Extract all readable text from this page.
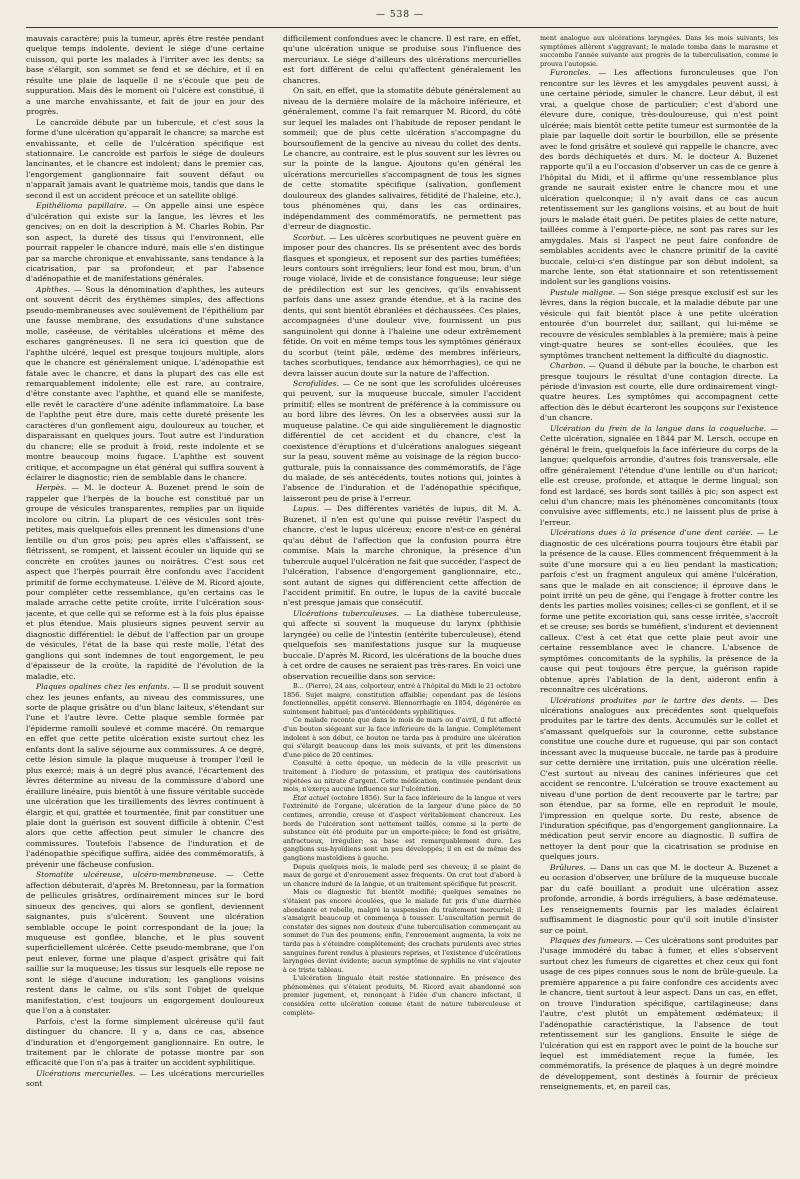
— 538 —

mauvais caractère; puis la tumeur, après être restée pendant quelque temps indolente, devient le siége d'une certaine cuisson, qui porte les malades à l'irriter avec les dents; sa base s'élargit, son sommet se fend et se déchire, et il en résulte une plaie de laquelle il ne s'écoule que peu de suppuration. Mais dès le moment où l'ulcère est constitué, il a une marche envahissante, et fait de jour en jour des progrès.

Le cancroïde débute par un tubercule, et c'est sous la forme d'une ulcération qu'apparaît le chancre; sa marche est envahissante, et celle de l'ulcération spécifique est stationnaire. Le cancroïde est parfois le siége de douleurs lancinantes, et le chancre est indolent; dans le premier cas, l'engorgement ganglionnaire fait souvent défaut ou n'apparaît jamais avant le quatrième mois, tandis que dans le second il est un accident précoce et un satellite obligé.

Epithélioma papillaire. — On appelle ainsi une espèce d'ulcération qui existe sur la langue, les lèvres et les gencives; on en doit la description à M. Charles Robin. Par son aspect, la dureté des tissus qui l'environnent, elle pourrait rappeler le chancre induré, mais elle s'en distingue par sa marche chronique et envahissante, sans tendance à la cicatrisation, par sa profondeur, et par l'absence d'adénopathie et de manifestations générales.

Aphthes. — Sous la dénomination d'aphthes, les auteurs ont souvent décrit des érythèmes simples, des affections pseudo-membraneuses avec soulèvement de l'épithélium par une fausse membrane, des exsudations d'une substance molle, caséeuse, de véritables ulcérations et même des eschares gangréneuses. Il ne sera ici question que de l'aphthe ulcéré, lequel est presque toujours multiple, alors que le chancre est généralement unique. L'adénopathie est fatale avec le chancre, et dans la plupart des cas elle est remarquablement indolente; elle est rare, au contraire, d'être constante avec l'aphthe, et quand elle se manifeste, elle revêt le caractère d'une adénite inflammatoire. La base de l'aphthe peut être dure, mais cette dureté présente les caractères d'un gonflement aigu, douloureux au toucher, et disparaissant en quelques jours. Tout autre est l'induration du chancre; elle se produit à froid, reste indolente et se montre beaucoup moins fugace. L'aphthe est souvent critique, et accompagne un état général qui suffira souvent à éclairer le diagnostic; rien de semblable dans le chancre.

Herpès. — M. le docteur A. Buzenet prend le soin de rappeler que l'herpès de la bouche est constitué par un groupe de vésicules transparentes, remplies par un liquide incolore ou citrin. La plupart de ces vésicules sont très-petites, mais quelquefois elles prennent les dimensions d'une lentille ou d'un gros pois; peu après elles s'affaissent, se flétrissent, se rompent, et laissent écouler un liquide qui se concrète en croûtes jaunes ou noirâtres. C'est sous cet aspect que l'herpès pourrait être confondu avec l'accident primitif de forme ecchymateuse. L'élève de M. Ricord ajoute, pour compléter cette ressemblance, qu'en certains cas le malade arrache cette petite croûte, irrite l'ulcération sous-jacente, et que celle qui se reforme est à la fois plus épaisse et plus étendue. Mais plusieurs signes peuvent servir au diagnostic différentiel: le début de l'affection par un groupe de vésicules, l'état de la base qui reste molle, l'état des ganglions qui sont indemnes de tout engorgement, le peu d'épaisseur de la croûte, la rapidité de l'évolution de la maladie, etc.

Plaques opalines chez les enfants. — Il se produit souvent chez les jeunes enfants, au niveau des commissures, une sorte de plaque grisâtre ou d'un blanc laiteux, s'étendant sur l'une et l'autre lèvre. Cette plaque semble formée par l'épiderme ramolli soulevé et comme macéré. On remarque en effet que cette petite ulcération existe surtout chez les enfants dont la salive séjourne aux commissures. A ce degré, cette lésion simule la plaque muqueuse à tromper l'œil le plus exercé; mais à un degré plus avancé, l'écartement des lèvres détermine au niveau de la commissure d'abord une éraillure linéaire, puis bientôt à une fissure véritable succède une ulcération que les tiraillements des lèvres continuent à élargir, et qui, grattée et tourmentée, finit par constituer une plaie dont la guérison est souvent difficile à obtenir. C'est alors que cette affection peut simuler le chancre des commissures. Toutefois l'absence de l'induration et de l'adénopathie spécifique suffira, aidée des commémoratifs, à prévenir une fâcheuse confusion.

Stomatite ulcéreuse, ulcéro-membraneuse. — Cette affection débuterait, d'après M. Bretonneau, par la formation de pellicules grisâtres, ordinairement minces sur le bord sinueux des gencives, qui alors se gonflent, deviennent saignantes, puis s'ulcèrent. Souvent une ulcération semblable occupe le point correspondant de la joue; la muqueuse est gonflée, blanche, et le plus souvent superficiellement ulcérée. Cette pseudo-membrane, que l'on peut enlever, forme une plaque d'aspect grisâtre qui fait saillie sur la muqueuse; les tissus sur lesquels elle repose ne sont le siége d'aucune induration; les ganglions voisins restent dans le calme, ou s'ils sont l'objet de quelque manifestation, c'est toujours un engorgement douloureux que l'on a à constater.

Parfois, c'est la forme simplement ulcéreuse qu'il faut distinguer du chancre. Il y a, dans ce cas, absence d'induration et d'engorgement ganglionnaire. En outre, le traitement par le chlorate de potasse montre par son efficacité que l'on n'a pas à traiter un accident syphilitique.

Ulcérations mercurielles. — Les ulcérations mercurielles sont

difficilement confondues avec le chancre. Il est rare, en effet, qu'une ulcération unique se produise sous l'influence des mercuriaux. Le siége d'ailleurs des ulcérations mercurielles est fort différent de celui qu'affectent généralement les chancres.

On sait, en effet, que la stomatite débute généralement au niveau de la dernière molaire de la mâchoire inférieure, et généralement, comme l'a fait remarquer M. Ricord, du côté sur lequel les malades ont l'habitude de reposer pendant le sommeil; que de plus cette ulcération s'accompagne du boursouflement de la gencive au niveau du collet des dents. Le chancre, au contraire, est le plus souvent sur les lèvres ou sur la pointe de la langue. Ajoutons qu'en général les ulcérations mercurielles s'accompagnent de tous les signes de cette stomatite spécifique (salivation, gonflement douloureux des glandes salivaires, fétidité de l'haleine, etc.), tous phénomènes qui, dans les cas ordinaires, indépendamment des commémoratifs, ne permettent pas d'erreur de diagnostic.

Scorbut. — Les ulcères scorbutiques ne peuvent guère en imposer pour des chancres. Ils se présentent avec des bords flasques et spongieux, et reposent sur des parties tuméfiées; leurs contours sont irréguliers; leur fond est mou, brun, d'un rouge violacé, livide et de consistance fongueuse; leur siége de prédilection est sur les gencives, qu'ils envahissent parfois dans une assez grande étendue, et à la racine des dents, qui sont bientôt ébranlées et déchaussées. Ces plaies, accompagnées d'une douleur vive, fournissent un pus sanguinolent qui donne à l'haleine une odeur extrêmement fétide. On voit en même temps tous les symptômes généraux du scorbut (teint pâle, œdème des membres inférieurs, taches scorbutiques, tendance aux hémorrhagies), ce qui ne devra laisser aucun doute sur la nature de l'affection.

Scrofulides. — Ce ne sont que les scrofulides ulcéreuses qui peuvent, sur la muqueuse buccale, simuler l'accident primitif; elles se montrent de préférence à la commissure ou au bord libre des lèvres. On les a observées aussi sur la muqueuse palatine. Ce qui aide singulièrement le diagnostic différentiel de cet accident et du chancre, c'est la coexistence d'éruptions et d'ulcérations analogues siégeant sur la peau, souvent même au voisinage de la région bucco-gutturale, puis la connaissance des commémoratifs, de l'âge du malade, de ses antécédents, toutes notions qui, jointes à l'absence de l'induration et de l'adénopathie spécifique, laisseront peu de prise à l'erreur.

Lupus. — Des différentes variétés de lupus, dit M. A. Buzenet, il n'en est qu'une qui puisse revêtir l'aspect du chancre, c'est le lupus ulcéreux; encore n'est-ce en général qu'au début de l'affection que la confusion pourra être commise. Mais la marche chronique, la présence d'un tubercule auquel l'ulcération ne fait que succéder, l'aspect de l'ulcération, l'absence d'engorgement ganglionnaire, etc., sont autant de signes qui différencient cette affection de l'accident primitif. En outre, le lupus de la cavité buccale n'est presque jamais que consécutif.

Ulcérations tuberculeuses. — La diathèse tuberculeuse, qui affecte si souvent la muqueuse du larynx (phthisie laryngée) ou celle de l'intestin (entérite tuberculeuse), étend quelquefois ses manifestations jusque sur la muqueuse buccale. D'après M. Ricord, les ulcérations de la bouche dues à cet ordre de causes ne seraient pas très-rares. En voici une observation recueillie dans son service:

B... (Pierre), 24 ans, colporteur, entré à l'hôpital du Midi le 21 octobre 1856. Sujet maigre, constitution affaiblie; cependant pas de lésions fonctionnelles, appétit conservé. Blennorrhagie en 1854, dégénérée en suintement habituel; pas d'antécédents syphilitiques.

Ce malade raconte que dans le mois de mars ou d'avril, il fut affecté d'un bouton siégeant sur la face inférieure de la langue. Complétement indolent à son début, ce bouton ne tarda pas à produire une ulcération qui s'élargit beaucoup dans les mois suivants, et prit les dimensions d'une pièce de 20 centimes.

Consulté à cette époque, un médecin de la ville prescrivit un traitement à l'iodure de potassium, et pratiqua des cautérisations répétées au nitrate d'argent. Cette médication, continuée pendant deux mois, n'exerça aucune influence sur l'ulcération.

État actuel (octobre 1856). Sur la face inférieure de la langue et vers l'extrémité de l'organe, ulcération de la largeur d'une pièce de 50 centimes, arrondie, creuse et d'aspect véritablement chancreux. Les bords de l'ulcération sont nettement taillés, comme si la perte de substance eût été produite par un emporte-pièce; le fond est grisâtre, anfractueux, irrégulier; sa base est remarquablement dure. Les ganglions sus-hyoïdiens sont un peu développés; il en est de même des ganglions mastoïdiens à gauche.

Depuis quelques mois, le malade perd ses cheveux; il se plaint de maux de gorge et d'enrouement assez fréquents. On crut tout d'abord à un chancre induré de la langue, et un traitement spécifique fut prescrit.

Mais ce diagnostic fut bientôt modifié; quelques semaines ne s'étaient pas encore écoulées, que le malade fut pris d'une diarrhée abondante et rebelle, malgré la suspension du traitement mercuriel; il s'amaigrit beaucoup et commença à tousser. L'auscultation permit de constater des signes non douteux d'une tuberculisation commençant au sommet de l'un des poumons; enfin, l'enrouement augmenta, la voix ne tarda pas à s'éteindre complétement; des crachats purulents avec stries sanguines furent rendus à plusieurs reprises, et l'existence d'ulcérations laryngées devint évidente; aucun symptôme de syphilis ne vint s'ajouter à ce triste tableau.

L'ulcération linguale était restée stationnaire. En présence des phénomènes qui s'étaient produits, M. Ricord avait abandonné son premier jugement, et, renonçant à l'idée d'un chancre infectant, il considéra cette ulcération comme étant de nature tuberculeuse et complète-

ment analogue aux ulcérations laryngées. Dans les mois suivants, les symptômes allèrent s'aggravant; le malade tomba dans le marasme et succomba l'année suivante aux progrès de la tuberculisation, comme le prouva l'autopsie.

Furoncles. — Les affections furonculeuses que l'on rencontre sur les lèvres et les amygdales peuvent aussi, à une certaine période, simuler le chancre. Leur début, il est vrai, a quelque chose de particulier; c'est d'abord une élevure dure, conique, très-douloureuse, qui n'est point ulcérée; mais bientôt cette petite tumeur est surmontée de la plaie par laquelle doit sortir le bourbillon, elle se présente avec le fond grisâtre et soulevé qui rappelle le chancre, avec des bords déchiquetés et durs. M. le docteur A. Buzenet rapporte qu'il a eu l'occasion d'observer un cas de ce genre à l'hôpital du Midi, et il affirme qu'une ressemblance plus grande ne saurait exister entre le chancre mou et une ulcération quelconque; il n'y avait dans ce cas aucun retentissement sur les ganglions voisins, et au bout de huit jours le malade était guéri. De petites plaies de cette nature, taillées comme à l'emporte-pièce, ne sont pas rares sur les amygdales. Mais si l'aspect ne peut faire confondre de semblables accidents avec le chancre primitif de la cavité buccale, celui-ci s'en distingue par son début indolent, sa marche lente, son état stationnaire et son retentissement indolent sur les ganglions voisins.

Pustule maligne. — Son siége presque exclusif est sur les lèvres, dans la région buccale, et la maladie débute par une vésicule qui fait bientôt place à une petite ulcération entourée d'un bourrelet dur, saillant, qui lui-même se recouvre de vésicules semblables à la première; mais à peine vingt-quatre heures se sont-elles écoulées, que les symptômes tranchent nettement la difficulté du diagnostic.

Charbon. — Quand il débute par la bouche, le charbon est presque toujours le résultat d'une contagion directe. La période d'invasion est courte, elle dure ordinairement vingt-quatre heures. Les symptômes qui accompagnent cette affection dès le début écarteront les soupçons sur l'existence d'un chancre.

Ulcération du frein de la langue dans la coqueluche. — Cette ulcération, signalée en 1844 par M. Lersch, occupe en général le frein, quelquefois la face inférieure du corps de la langue; quelquefois arrondie, d'autres fois transversale, elle offre généralement l'étendue d'une lentille ou d'un haricot; elle est creuse, profonde, et attaque le derme lingual; son fond est lardacé, ses bords sont taillés à pic; son aspect est celui d'un chancre; mais les phénomènes concomitants (toux convulsive avec sifflements, etc.) ne laissent plus de prise à l'erreur.

Ulcérations dues à la présence d'une dent cariée. — Le diagnostic de ces ulcérations pourra toujours être établi par la présence de la cause. Elles commencent fréquemment à la suite d'une morsure qui a eu lieu pendant la mastication; parfois c'est un fragment anguleux qui amène l'ulcération, sans que le malade en ait conscience; il éprouve dans le point irrité un peu de gêne, qui l'engage à frotter contre les dents les parties molles voisines; celles-ci se gonflent, et il se forme une petite excoriation qui, sans cesse irritée, s'accroît et se creuse; ses bords se tuméfient, s'indurent et deviennent calleux. C'est à cet état que cette plaie peut avoir une certaine ressemblance avec le chancre. L'absence de symptômes concomitants de la syphilis, la présence de la cause qui peut toujours être perçue, la guérison rapide obtenue après l'ablation de la dent, aideront enfin à reconnaître ces ulcérations.

Ulcérations produites par le tartre des dents. — Des ulcérations analogues aux précédentes sont quelquefois produites par le tartre des dents. Accumulés sur le collet et s'amassant quelquefois sur la couronne, cette substance constitue une couche dure et rugueuse, qui par son contact incessant avec la muqueuse buccale, ne tarde pas à produire sur cette dernière une irritation, puis une ulcération réelle. C'est surtout au niveau des canines inférieures que cet accident se rencontre. L'ulcération se trouve exactement au niveau d'une portion de dent recouverte par le tartre; par son étendue, par sa forme, elle en reproduit le moule, l'impression en quelque sorte. Du reste, absence de l'induration spécifique, pas d'engorgement ganglionnaire. La médication peut servir encore au diagnostic. Il suffira de nettoyer la dent pour que la cicatrisation se produise en quelques jours.

Brûlures. — Dans un cas que M. le docteur A. Buzenet a eu occasion d'observer, une brûlure de la muqueuse buccale par du café bouillant a produit une ulcération assez profonde, arrondie, à bords irréguliers, à base œdémateuse. Les renseignements fournis par les malades éclairent suffisamment le diagnostic pour qu'il soit inutile d'insister sur ce point.

Plaques des fumeurs. — Ces ulcérations sont produites par l'usage immodéré du tabac à fumer, et elles s'observent surtout chez les fumeurs de cigarettes et chez ceux qui font usage de ces pipes connues sous le nom de brûle-gueule. La première apparence a pu faire confondre ces accidents avec le chancre, tient surtout à leur aspect. Dans un cas, en effet, on trouve l'induration spécifique, cartilagineuse; dans l'autre, c'est plutôt un empâtement œdémateux; il l'adénopathie caractéristique, la l'absence de tout retentissement sur les ganglions. Ensuite le siége de l'ulcération qui est en rapport avec le point de la bouche sur lequel est immédiatement reçue la fumée, les commémoratifs, la présence de plaques à un degré moindre de développement, sont destinés à fournir de précieux renseignements, et, en pareil cas,
